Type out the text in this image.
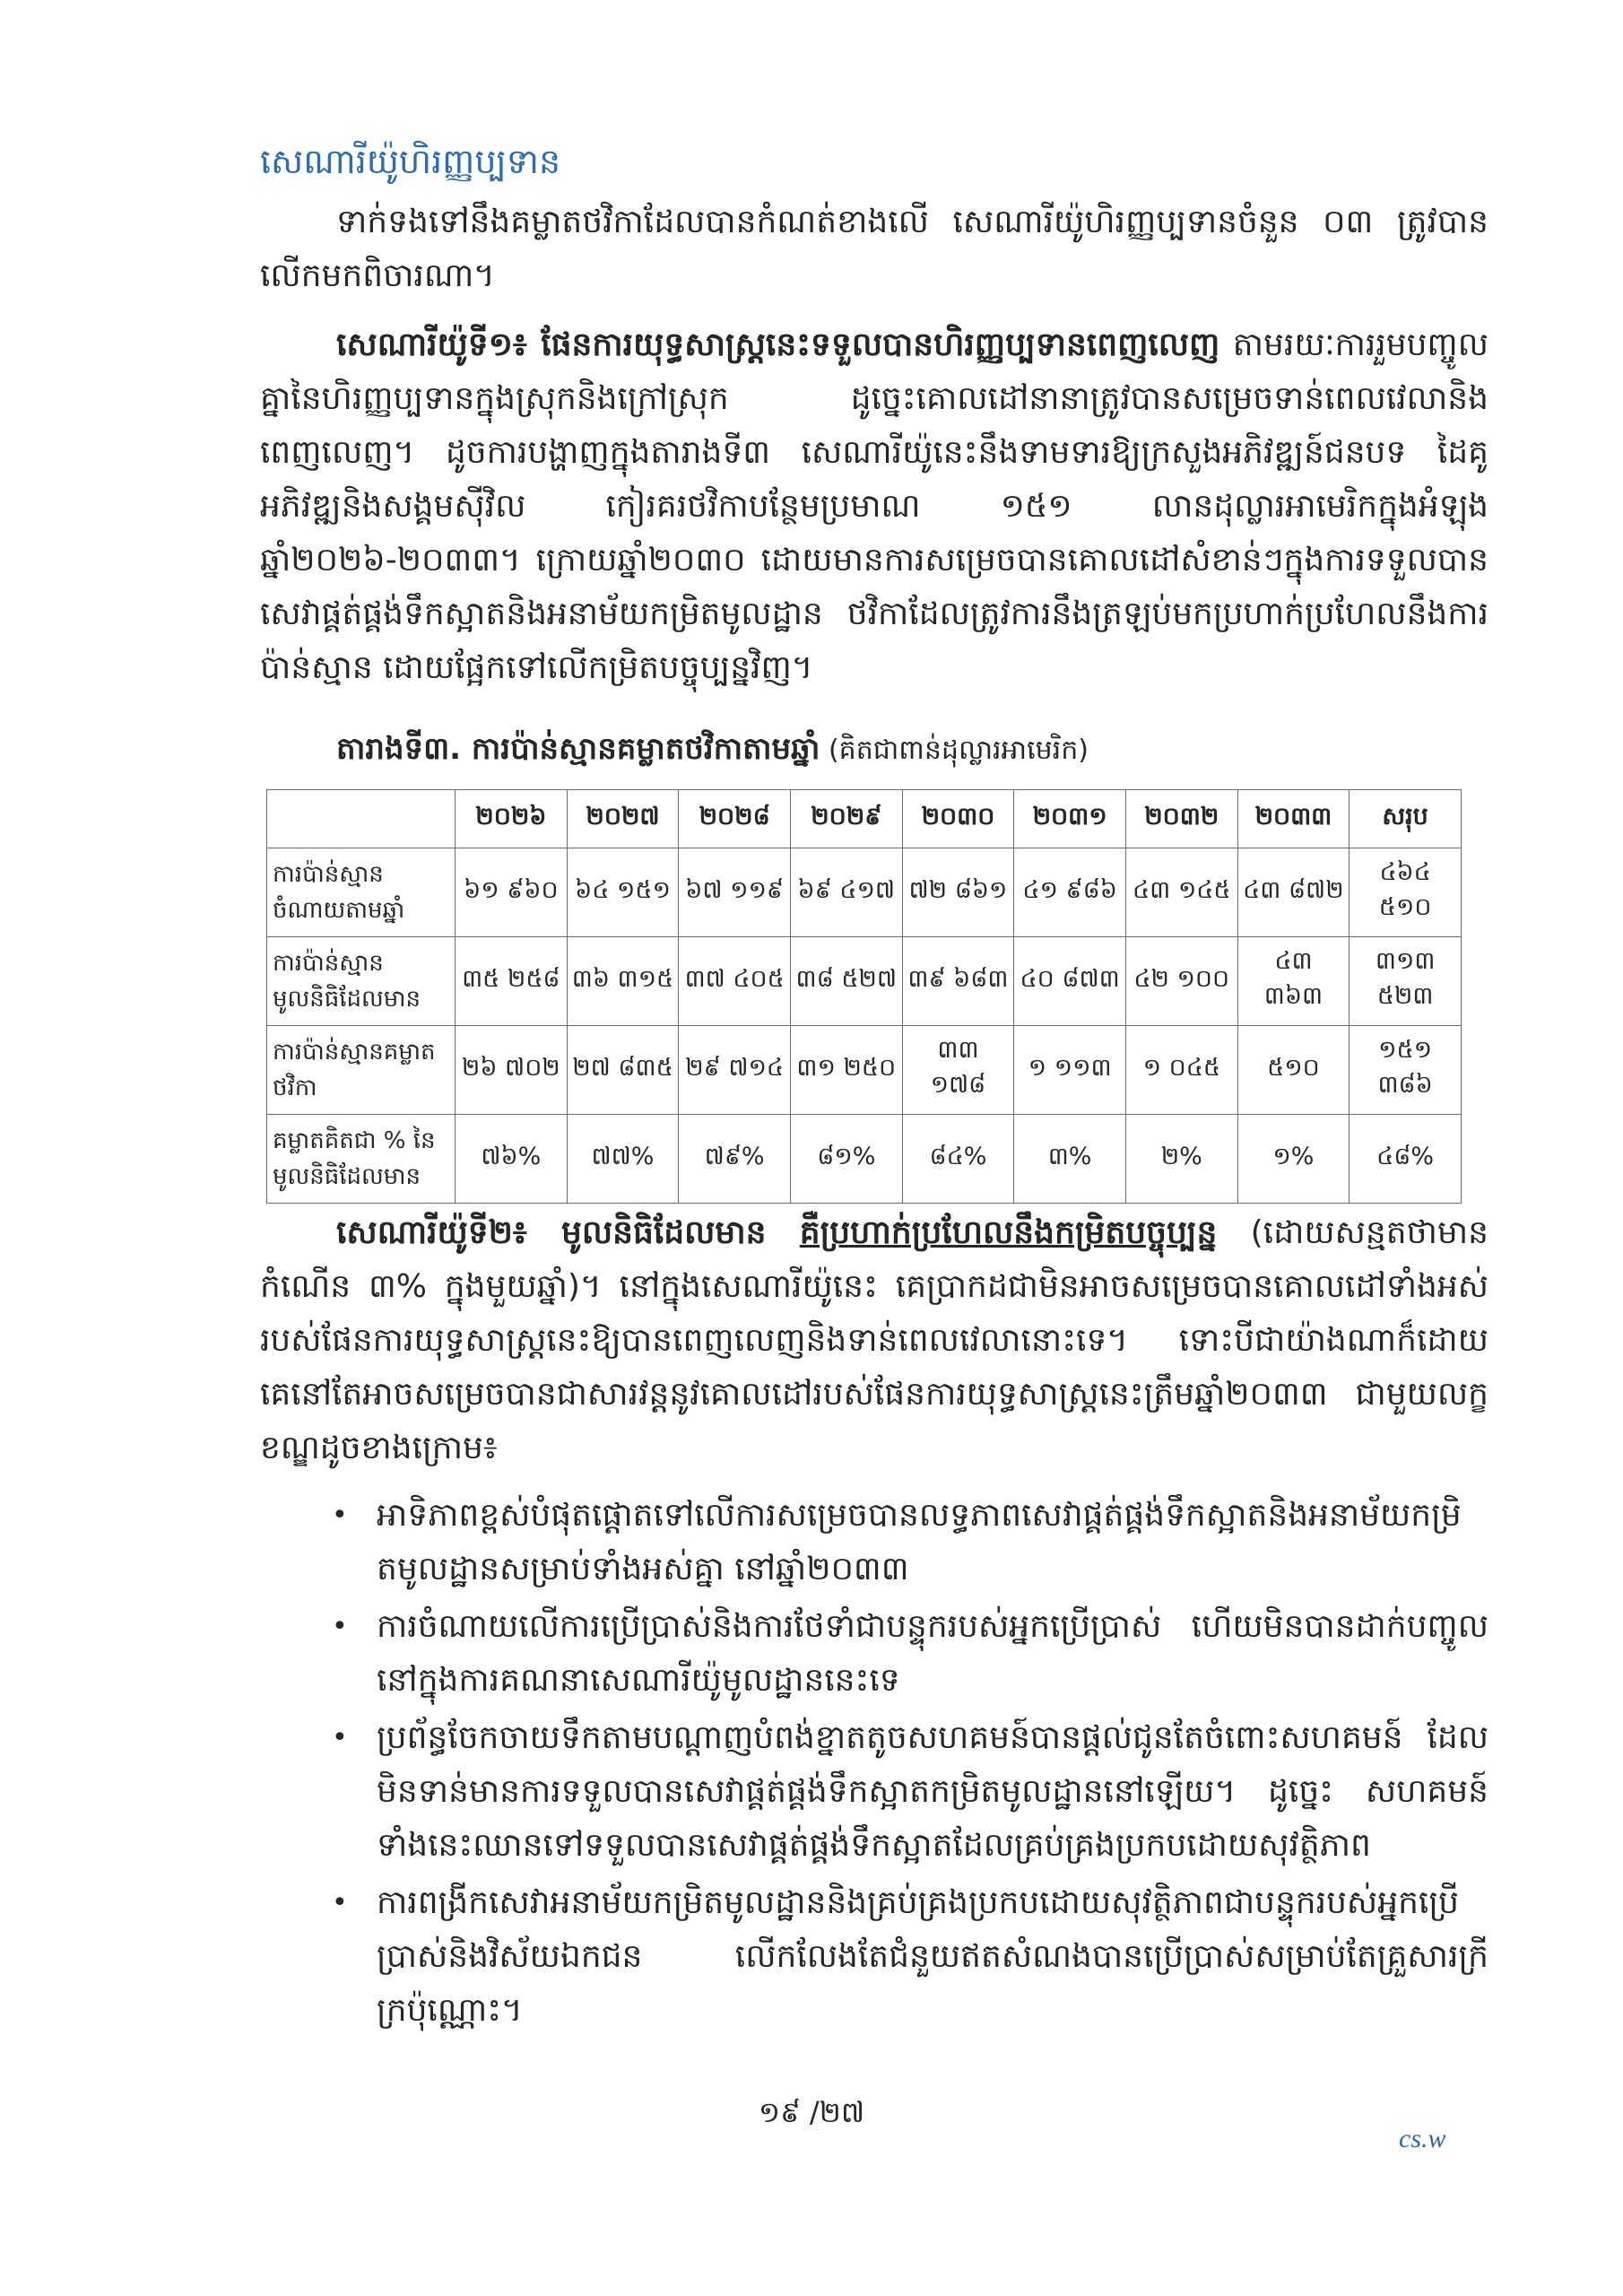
សេណារីយ៉ូហិរញ្ញប្បទាន

ទាក់ទងទៅនឹងគម្លាតថវិកាដែលបានកំណត់ខាងលើ សេណារីយ៉ូហិរញ្ញប្បទានចំនួន ០៣ ត្រូវបានលើកមកពិចារណា។

សេណារីយ៉ូទី១៖ ផែនការយុទ្ធសាស្ត្រនេះទទួលបានហិរញ្ញប្បទានពេញលេញ តាមរយៈការរួមបញ្ចូលគ្នានៃហិរញ្ញប្បទានក្នុងស្រុកនិងក្រៅស្រុក ដូច្នេះគោលដៅនានាត្រូវបានសម្រេចទាន់ពេលវេលានិងពេញលេញ។ ដូចការបង្ហាញក្នុងតារាងទី៣ សេណារីយ៉ូនេះនឹងទាមទារឱ្យក្រសួងអភិវឌ្ឍន៍ជនបទ ដៃគូអភិវឌ្ឍនិងសង្គមស៊ីវិល កៀរគរថវិកាបន្ថែមប្រមាណ ១៥១ លានដុល្លារអាមេរិកក្នុងអំឡុងឆ្នាំ២០២៦-២០៣៣។ ក្រោយឆ្នាំ២០៣០ ដោយមានការសម្រេចបានគោលដៅសំខាន់ៗក្នុងការទទួលបានសេវាផ្គត់ផ្គង់ទឹកស្អាតនិងអនាម័យកម្រិតមូលដ្ឋាន ថវិកាដែលត្រូវការនឹងត្រឡប់មកប្រហាក់ប្រហែលនឹងការប៉ាន់ស្មាន ដោយផ្អែកទៅលើកម្រិតបច្ចុប្បន្នវិញ។

តារាងទី៣. ការប៉ាន់ស្មានគម្លាតថវិកាតាមឆ្នាំ (គិតជាពាន់ដុល្លារអាមេរិក)
	២០២៦	២០២៧	២០២៨	២០២៩	២០៣០	២០៣១	២០៣២	២០៣៣	សរុប
ការប៉ាន់ស្មាន ចំណាយតាមឆ្នាំ	៦១ ៩៦០	៦៤ ១៥១	៦៧ ១១៩	៦៩ ៤១៧	៧២ ៨៦១	៤១ ៩៨៦	៤៣ ១៤៥	៤៣ ៨៧២	៤៦៤ ៥១០
ការប៉ាន់ស្មាន មូលនិធិដែលមាន	៣៥ ២៥៨	៣៦ ៣១៥	៣៧ ៤០៥	៣៨ ៥២៧	៣៩ ៦៨៣	៤០ ៨៧៣	៤២ ១០០	៤៣ ៣៦៣	៣១៣ ៥២៣
ការប៉ាន់ស្មានគម្លាត ថវិកា	២៦ ៧០២	២៧ ៨៣៥	២៩ ៧១៤	៣១ ២៥០	៣៣ ១៧៨	១ ១១៣	១ ០៤៥	៥១០	១៥១ ៣៨៦
គម្លាតគិតជា % នៃ មូលនិធិដែលមាន	៧៦%	៧៧%	៧៩%	៨១%	៨៤%	៣%	២%	១%	៤៨%

សេណារីយ៉ូទី២៖ មូលនិធិដែលមាន គឺប្រហាក់ប្រហែលនឹងកម្រិតបច្ចុប្បន្ន (ដោយសន្មតថាមានកំណើន ៣% ក្នុងមួយឆ្នាំ)។ នៅក្នុងសេណារីយ៉ូនេះ គេប្រាកដជាមិនអាចសម្រេចបានគោលដៅទាំងអស់របស់ផែនការយុទ្ធសាស្ត្រនេះឱ្យបានពេញលេញនិងទាន់ពេលវេលានោះទេ។ ទោះបីជាយ៉ាងណាក៏ដោយ គេនៅតែអាចសម្រេចបានជាសារវន្តនូវគោលដៅរបស់ផែនការយុទ្ធសាស្ត្រនេះត្រឹមឆ្នាំ២០៣៣ ជាមួយលក្ខខណ្ឌដូចខាងក្រោម៖

• អាទិភាពខ្ពស់បំផុតផ្ដោតទៅលើការសម្រេចបានលទ្ធភាពសេវាផ្គត់ផ្គង់ទឹកស្អាតនិងអនាម័យកម្រិតមូលដ្ឋានសម្រាប់ទាំងអស់គ្នា នៅឆ្នាំ២០៣៣
• ការចំណាយលើការប្រើប្រាស់និងការថែទាំជាបន្ទុករបស់អ្នកប្រើប្រាស់ ហើយមិនបានដាក់បញ្ចូលនៅក្នុងការគណនាសេណារីយ៉ូមូលដ្ឋាននេះទេ
• ប្រព័ន្ធចែកចាយទឹកតាមបណ្ដាញបំពង់ខ្នាតតូចសហគមន៍បានផ្ដល់ជូនតែចំពោះសហគមន៍ ដែលមិនទាន់មានការទទួលបានសេវាផ្គត់ផ្គង់ទឹកស្អាតកម្រិតមូលដ្ឋាននៅឡើយ។ ដូច្នេះ សហគមន៍ទាំងនេះឈានទៅទទួលបានសេវាផ្គត់ផ្គង់ទឹកស្អាតដែលគ្រប់គ្រងប្រកបដោយសុវត្ថិភាព
• ការពង្រីកសេវាអនាម័យកម្រិតមូលដ្ឋាននិងគ្រប់គ្រងប្រកបដោយសុវត្ថិភាពជាបន្ទុករបស់អ្នកប្រើប្រាស់និងវិស័យឯកជន លើកលែងតែជំនួយឥតសំណងបានប្រើប្រាស់សម្រាប់តែគ្រួសារក្រីក្រប៉ុណ្ណោះ។
១៩ /២៧
cs.w
